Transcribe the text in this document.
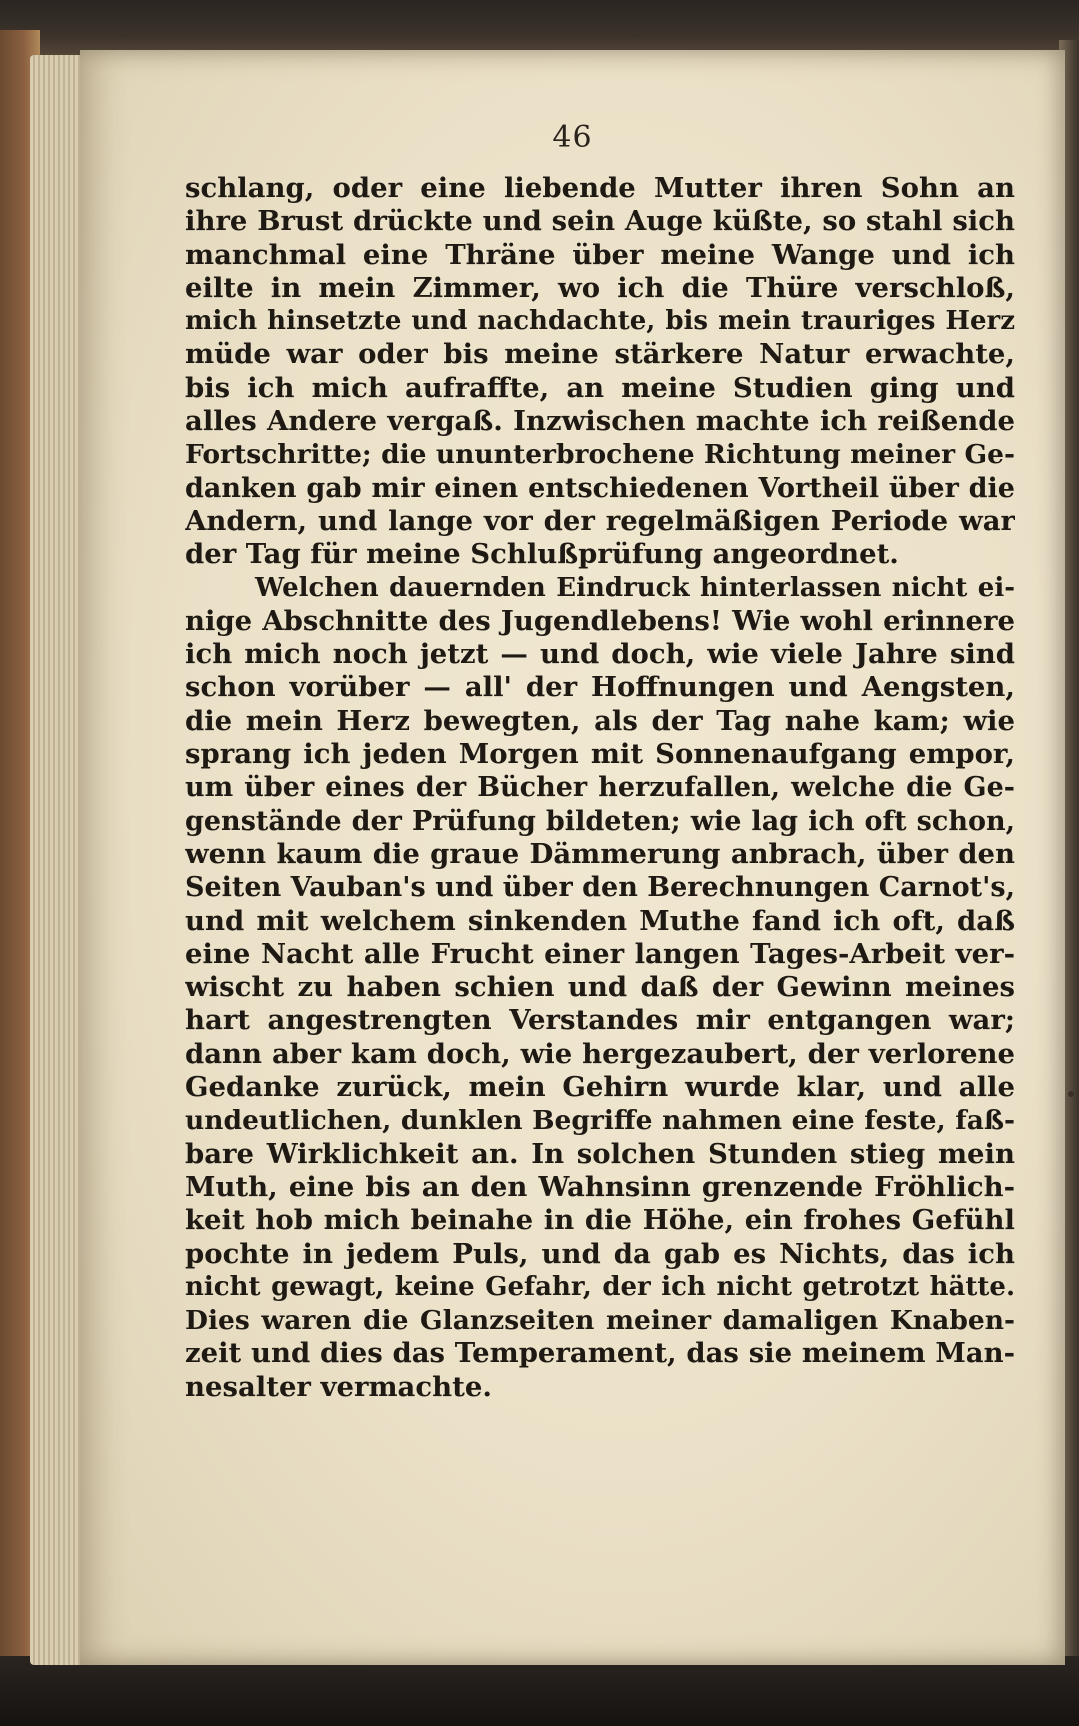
46
schlang, oder eine liebende Mutter ihren Sohn an
ihre Brust drückte und sein Auge küßte, so stahl sich
manchmal eine Thräne über meine Wange und ich
eilte in mein Zimmer, wo ich die Thüre verschloß,
mich hinsetzte und nachdachte, bis mein trauriges Herz
müde war oder bis meine stärkere Natur erwachte,
bis ich mich aufraffte, an meine Studien ging und
alles Andere vergaß. Inzwischen machte ich reißende
Fortschritte; die ununterbrochene Richtung meiner Ge-
danken gab mir einen entschiedenen Vortheil über die
Andern, und lange vor der regelmäßigen Periode war
der Tag für meine Schlußprüfung angeordnet.
Welchen dauernden Eindruck hinterlassen nicht ei-
nige Abschnitte des Jugendlebens! Wie wohl erinnere
ich mich noch jetzt — und doch, wie viele Jahre sind
schon vorüber — all' der Hoffnungen und Aengsten,
die mein Herz bewegten, als der Tag nahe kam; wie
sprang ich jeden Morgen mit Sonnenaufgang empor,
um über eines der Bücher herzufallen, welche die Ge-
genstände der Prüfung bildeten; wie lag ich oft schon,
wenn kaum die graue Dämmerung anbrach, über den
Seiten Vauban's und über den Berechnungen Carnot's,
und mit welchem sinkenden Muthe fand ich oft, daß
eine Nacht alle Frucht einer langen Tages-Arbeit ver-
wischt zu haben schien und daß der Gewinn meines
hart angestrengten Verstandes mir entgangen war;
dann aber kam doch, wie hergezaubert, der verlorene
Gedanke zurück, mein Gehirn wurde klar, und alle
undeutlichen, dunklen Begriffe nahmen eine feste, faß-
bare Wirklichkeit an. In solchen Stunden stieg mein
Muth, eine bis an den Wahnsinn grenzende Fröhlich-
keit hob mich beinahe in die Höhe, ein frohes Gefühl
pochte in jedem Puls, und da gab es Nichts, das ich
nicht gewagt, keine Gefahr, der ich nicht getrotzt hätte.
Dies waren die Glanzseiten meiner damaligen Knaben-
zeit und dies das Temperament, das sie meinem Man-
nesalter vermachte.
